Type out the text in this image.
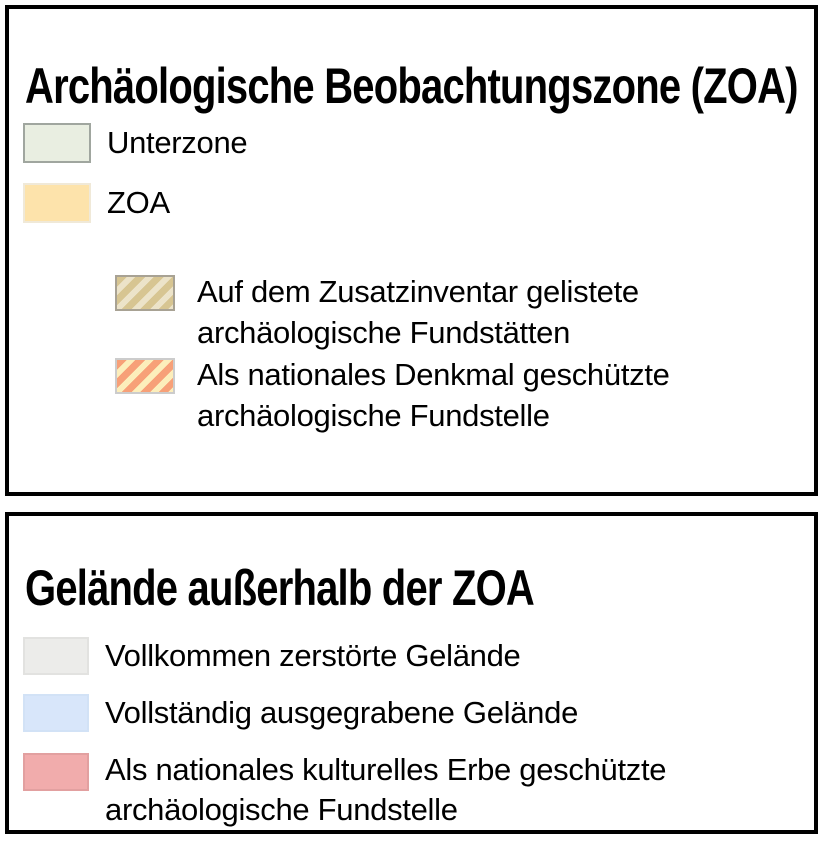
Archäologische Beobachtungszone (ZOA)
Unterzone
ZOA
Auf dem Zusatzinventar gelistete archäologische Fundstätten
Als nationales Denkmal geschützte archäologische Fundstelle
Gelände außerhalb der ZOA
Vollkommen zerstörte Gelände
Vollständig ausgegrabene Gelände
Als nationales kulturelles Erbe geschützte archäologische Fundstelle
